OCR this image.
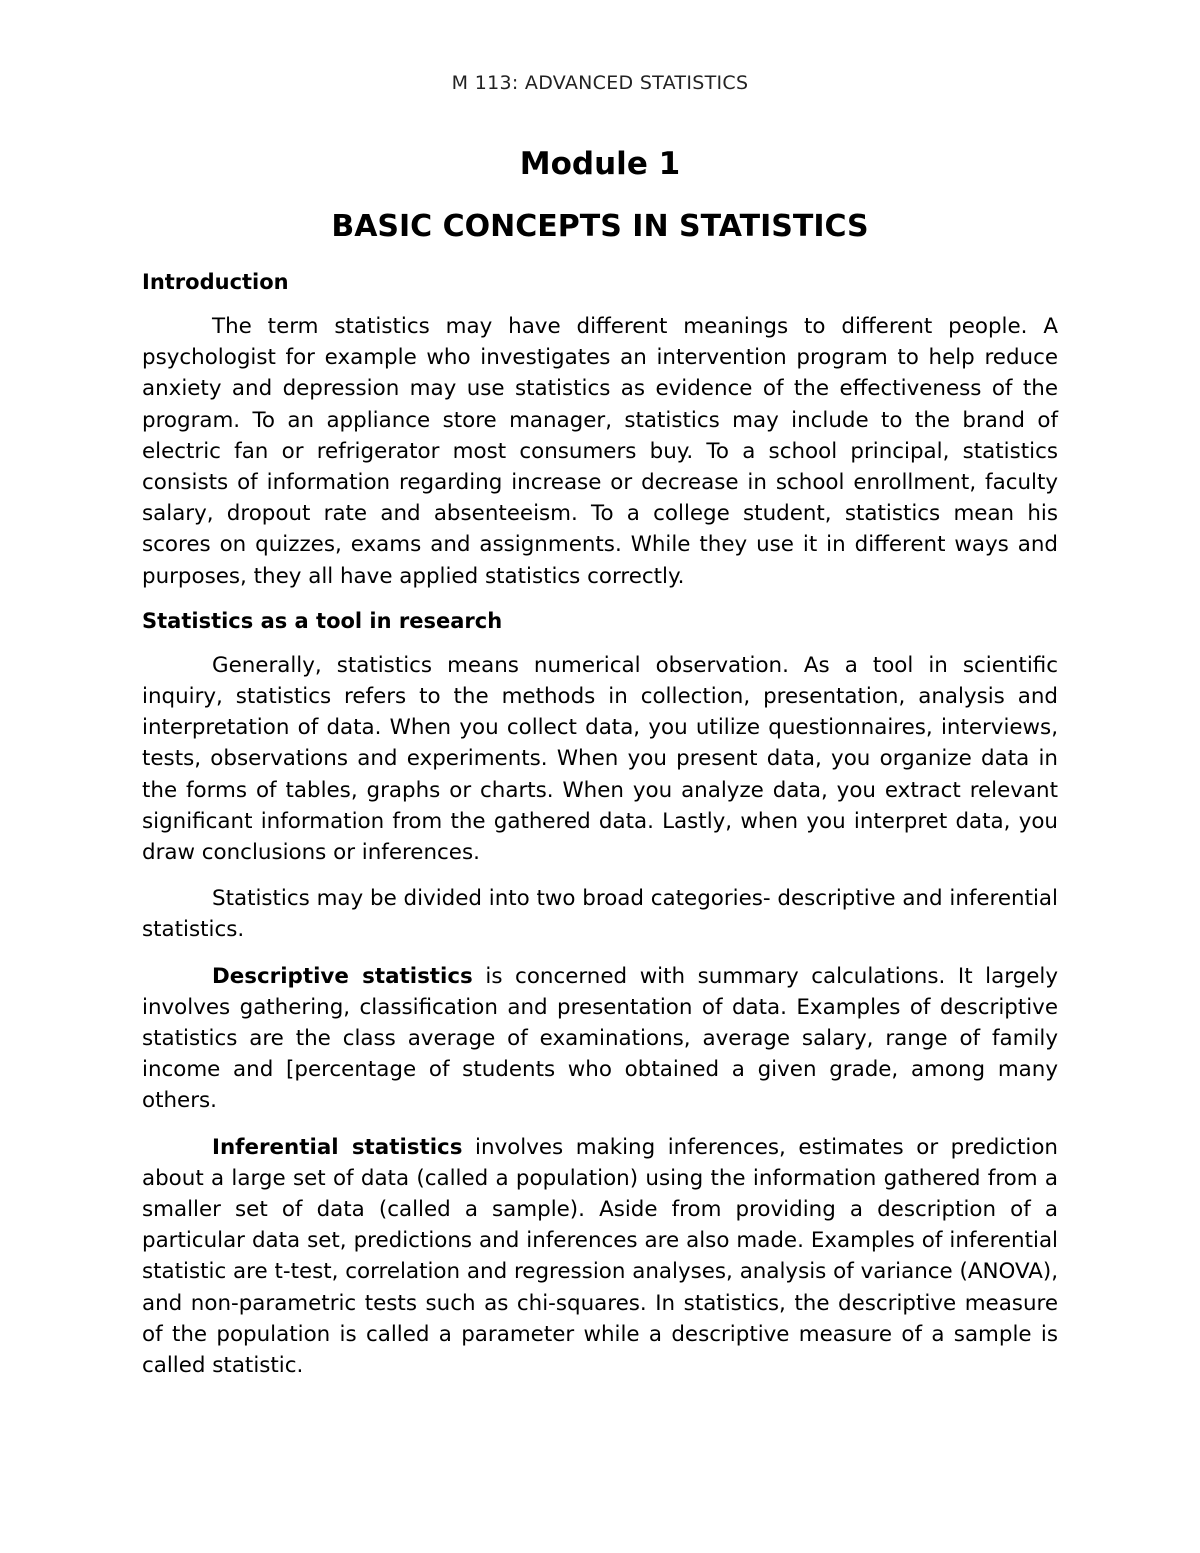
M 113: ADVANCED STATISTICS
Module 1
BASIC CONCEPTS IN STATISTICS
Introduction

The term statistics may have different meanings to different people. A psychologist for example who investigates an intervention program to help reduce anxiety and depression may use statistics as evidence of the effectiveness of the program. To an appliance store manager, statistics may include to the brand of electric fan or refrigerator most consumers buy. To a school principal, statistics consists of information regarding increase or decrease in school enrollment, faculty salary, dropout rate and absenteeism. To a college student, statistics mean his scores on quizzes, exams and assignments. While they use it in different ways and purposes, they all have applied statistics correctly.

Statistics as a tool in research

Generally, statistics means numerical observation. As a tool in scientific inquiry, statistics refers to the methods in collection, presentation, analysis and interpretation of data. When you collect data, you utilize questionnaires, interviews, tests, observations and experiments. When you present data, you organize data in the forms of tables, graphs or charts. When you analyze data, you extract relevant significant information from the gathered data. Lastly, when you interpret data, you draw conclusions or inferences.

Statistics may be divided into two broad categories- descriptive and inferential statistics.

Descriptive statistics is concerned with summary calculations. It largely involves gathering, classification and presentation of data. Examples of descriptive statistics are the class average of examinations, average salary, range of family income and [percentage of students who obtained a given grade, among many others.

Inferential statistics involves making inferences, estimates or prediction about a large set of data (called a population) using the information gathered from a smaller set of data (called a sample). Aside from providing a description of a particular data set, predictions and inferences are also made. Examples of inferential statistic are t-test, correlation and regression analyses, analysis of variance (ANOVA), and non-parametric tests such as chi-squares. In statistics, the descriptive measure of the population is called a parameter while a descriptive measure of a sample is called statistic.
